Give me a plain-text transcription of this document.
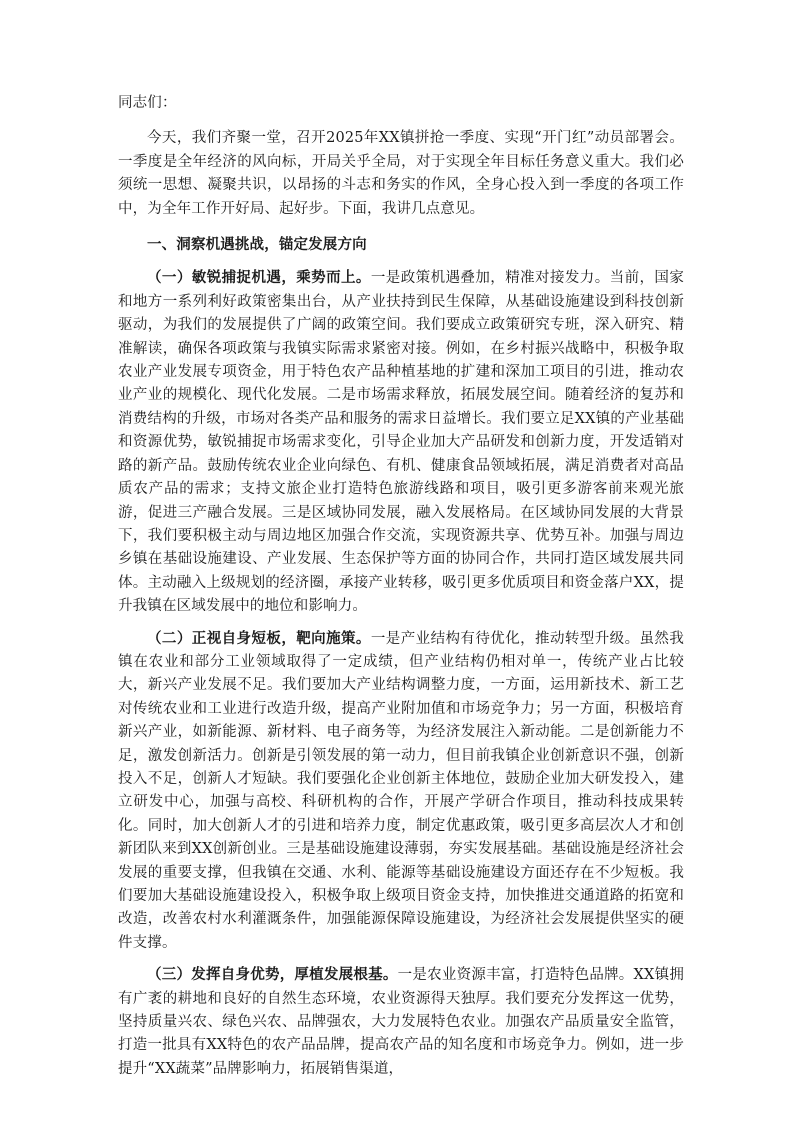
同志们：

今天，我们齐聚一堂，召开2025年XX镇拼抢一季度、实现“开门红”动员部署会。一季度是全年经济的风向标，开局关乎全局，对于实现全年目标任务意义重大。我们必须统一思想、凝聚共识，以昂扬的斗志和务实的作风，全身心投入到一季度的各项工作中，为全年工作开好局、起好步。下面，我讲几点意见。

一、洞察机遇挑战，锚定发展方向

（一）敏锐捕捉机遇，乘势而上。一是政策机遇叠加，精准对接发力。当前，国家和地方一系列利好政策密集出台，从产业扶持到民生保障，从基础设施建设到科技创新驱动，为我们的发展提供了广阔的政策空间。我们要成立政策研究专班，深入研究、精准解读，确保各项政策与我镇实际需求紧密对接。例如，在乡村振兴战略中，积极争取农业产业发展专项资金，用于特色农产品种植基地的扩建和深加工项目的引进，推动农业产业的规模化、现代化发展。二是市场需求释放，拓展发展空间。随着经济的复苏和消费结构的升级，市场对各类产品和服务的需求日益增长。我们要立足XX镇的产业基础和资源优势，敏锐捕捉市场需求变化，引导企业加大产品研发和创新力度，开发适销对路的新产品。鼓励传统农业企业向绿色、有机、健康食品领域拓展，满足消费者对高品质农产品的需求；支持文旅企业打造特色旅游线路和项目，吸引更多游客前来观光旅游，促进三产融合发展。三是区域协同发展，融入发展格局。在区域协同发展的大背景下，我们要积极主动与周边地区加强合作交流，实现资源共享、优势互补。加强与周边乡镇在基础设施建设、产业发展、生态保护等方面的协同合作，共同打造区域发展共同体。主动融入上级规划的经济圈，承接产业转移，吸引更多优质项目和资金落户XX，提升我镇在区域发展中的地位和影响力。

（二）正视自身短板，靶向施策。一是产业结构有待优化，推动转型升级。虽然我镇在农业和部分工业领域取得了一定成绩，但产业结构仍相对单一，传统产业占比较大，新兴产业发展不足。我们要加大产业结构调整力度，一方面，运用新技术、新工艺对传统农业和工业进行改造升级，提高产业附加值和市场竞争力；另一方面，积极培育新兴产业，如新能源、新材料、电子商务等，为经济发展注入新动能。二是创新能力不足，激发创新活力。创新是引领发展的第一动力，但目前我镇企业创新意识不强，创新投入不足，创新人才短缺。我们要强化企业创新主体地位，鼓励企业加大研发投入，建立研发中心，加强与高校、科研机构的合作，开展产学研合作项目，推动科技成果转化。同时，加大创新人才的引进和培养力度，制定优惠政策，吸引更多高层次人才和创新团队来到XX创新创业。三是基础设施建设薄弱，夯实发展基础。基础设施是经济社会发展的重要支撑，但我镇在交通、水利、能源等基础设施建设方面还存在不少短板。我们要加大基础设施建设投入，积极争取上级项目资金支持，加快推进交通道路的拓宽和改造，改善农村水利灌溉条件，加强能源保障设施建设，为经济社会发展提供坚实的硬件支撑。

（三）发挥自身优势，厚植发展根基。一是农业资源丰富，打造特色品牌。XX镇拥有广袤的耕地和良好的自然生态环境，农业资源得天独厚。我们要充分发挥这一优势，坚持质量兴农、绿色兴农、品牌强农，大力发展特色农业。加强农产品质量安全监管，打造一批具有XX特色的农产品品牌，提高农产品的知名度和市场竞争力。例如，进一步提升“XX蔬菜”品牌影响力，拓展销售渠道，
